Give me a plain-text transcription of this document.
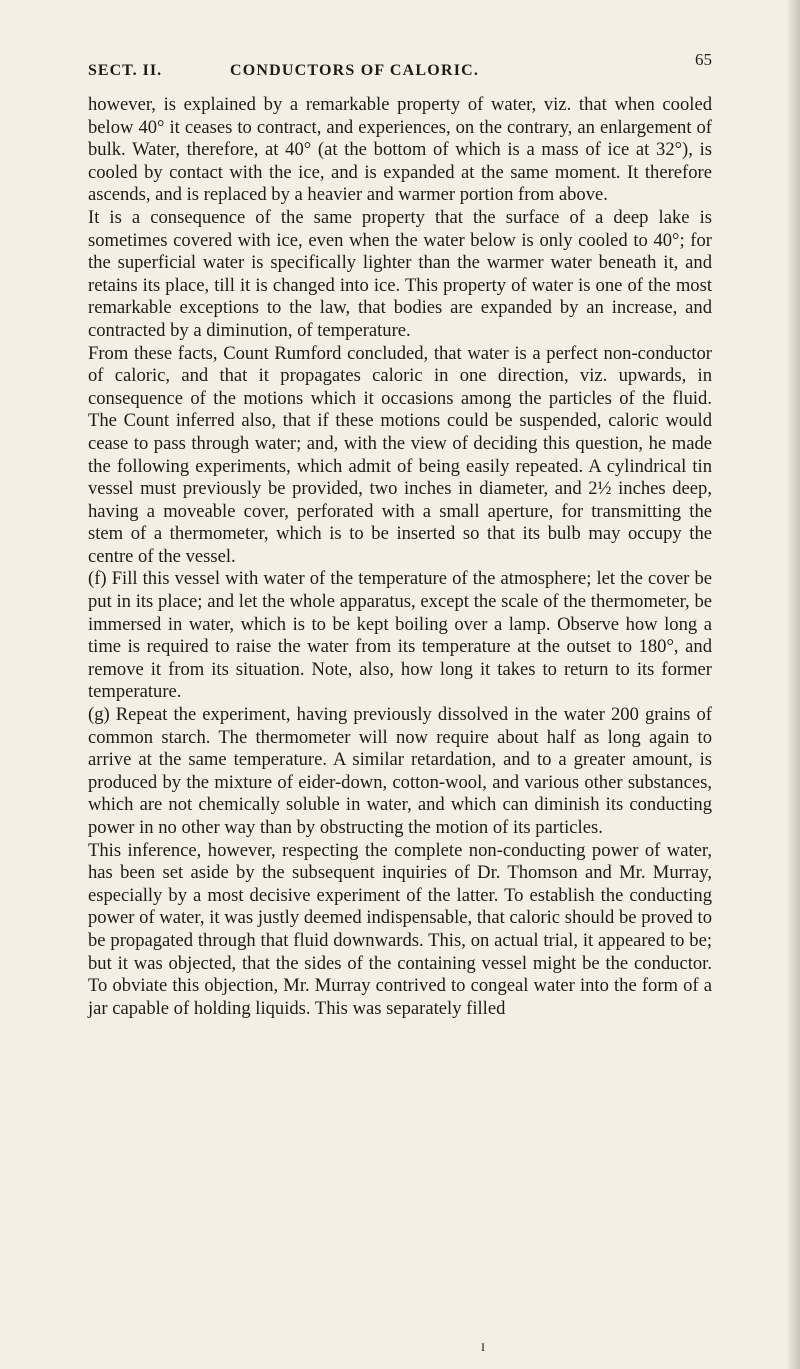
SECT. II.	CONDUCTORS OF CALORIC.
65

however, is explained by a remarkable property of water, viz. that when cooled below 40° it ceases to contract, and experiences, on the contrary, an enlargement of bulk. Water, therefore, at 40° (at the bottom of which is a mass of ice at 32°), is cooled by contact with the ice, and is expanded at the same moment. It therefore ascends, and is replaced by a heavier and warmer portion from above.

It is a consequence of the same property that the surface of a deep lake is sometimes covered with ice, even when the water below is only cooled to 40°; for the superficial water is specifically lighter than the warmer water beneath it, and retains its place, till it is changed into ice. This property of water is one of the most remarkable exceptions to the law, that bodies are expanded by an increase, and contracted by a diminution, of temperature.

From these facts, Count Rumford concluded, that water is a perfect non-conductor of caloric, and that it propagates caloric in one direction, viz. upwards, in consequence of the motions which it occasions among the particles of the fluid. The Count inferred also, that if these motions could be suspended, caloric would cease to pass through water; and, with the view of deciding this question, he made the following experiments, which admit of being easily repeated. A cylindrical tin vessel must previously be provided, two inches in diameter, and 2½ inches deep, having a moveable cover, perforated with a small aperture, for transmitting the stem of a thermometer, which is to be inserted so that its bulb may occupy the centre of the vessel.

(f) Fill this vessel with water of the temperature of the atmosphere; let the cover be put in its place; and let the whole apparatus, except the scale of the thermometer, be immersed in water, which is to be kept boiling over a lamp. Observe how long a time is required to raise the water from its temperature at the outset to 180°, and remove it from its situation. Note, also, how long it takes to return to its former temperature.

(g) Repeat the experiment, having previously dissolved in the water 200 grains of common starch. The thermometer will now require about half as long again to arrive at the same temperature. A similar retardation, and to a greater amount, is produced by the mixture of eider-down, cotton-wool, and various other substances, which are not chemically soluble in water, and which can diminish its conducting power in no other way than by obstructing the motion of its particles.

This inference, however, respecting the complete non-conducting power of water, has been set aside by the subsequent inquiries of Dr. Thomson and Mr. Murray, especially by a most decisive experiment of the latter. To establish the conducting power of water, it was justly deemed indispensable, that caloric should be proved to be propagated through that fluid downwards. This, on actual trial, it appeared to be; but it was objected, that the sides of the containing vessel might be the conductor. To obviate this objection, Mr. Murray contrived to congeal water into the form of a jar capable of holding liquids. This was separately filled

I
